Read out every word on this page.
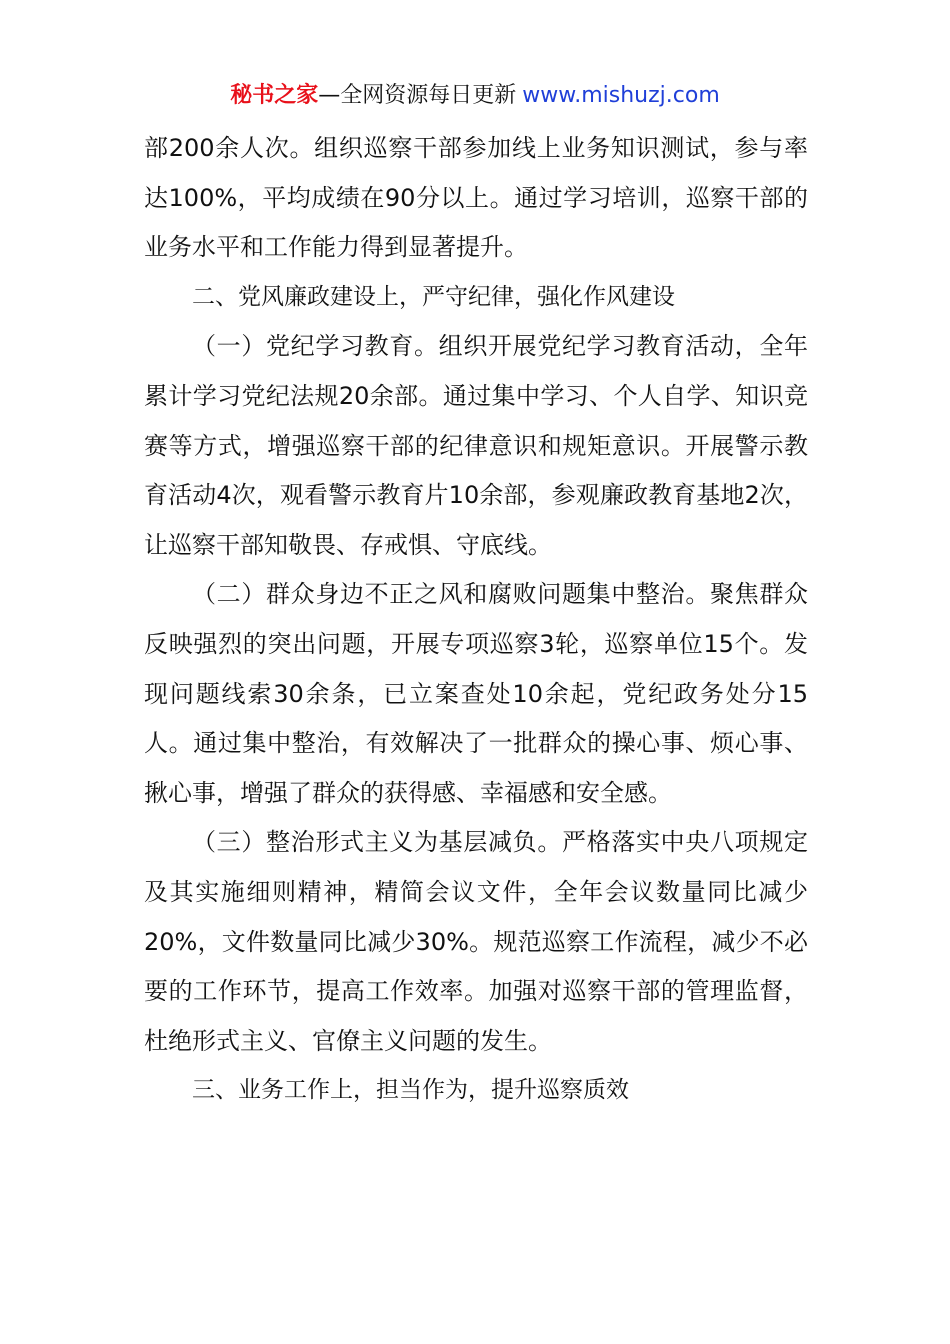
秘书之家—全网资源每日更新 www.mishuzj.com

部200余人次。组织巡察干部参加线上业务知识测试，参与率达100%，平均成绩在90分以上。通过学习培训，巡察干部的业务水平和工作能力得到显著提升。

二、党风廉政建设上，严守纪律，强化作风建设

（一）党纪学习教育。组织开展党纪学习教育活动，全年累计学习党纪法规20余部。通过集中学习、个人自学、知识竞赛等方式，增强巡察干部的纪律意识和规矩意识。开展警示教育活动4次，观看警示教育片10余部，参观廉政教育基地2次，让巡察干部知敬畏、存戒惧、守底线。

（二）群众身边不正之风和腐败问题集中整治。聚焦群众反映强烈的突出问题，开展专项巡察3轮，巡察单位15个。发现问题线索30余条，已立案查处10余起，党纪政务处分15人。通过集中整治，有效解决了一批群众的操心事、烦心事、揪心事，增强了群众的获得感、幸福感和安全感。

（三）整治形式主义为基层减负。严格落实中央八项规定及其实施细则精神，精简会议文件，全年会议数量同比减少20%，文件数量同比减少30%。规范巡察工作流程，减少不必要的工作环节，提高工作效率。加强对巡察干部的管理监督，杜绝形式主义、官僚主义问题的发生。

三、业务工作上，担当作为，提升巡察质效
